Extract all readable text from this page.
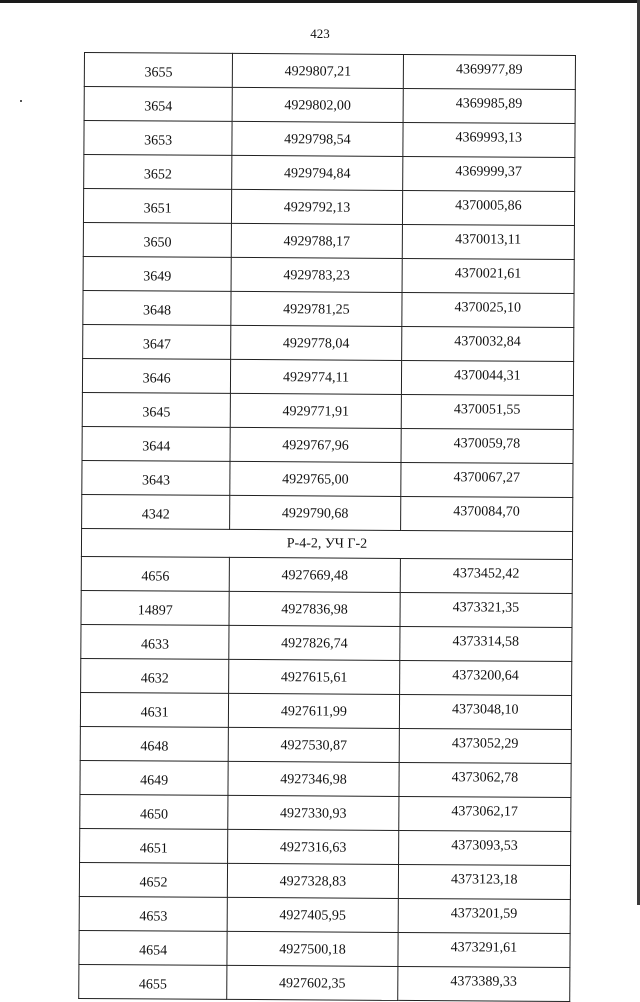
423
3655	4929807,21	4369977,89
3654	4929802,00	4369985,89
3653	4929798,54	4369993,13
3652	4929794,84	4369999,37
3651	4929792,13	4370005,86
3650	4929788,17	4370013,11
3649	4929783,23	4370021,61
3648	4929781,25	4370025,10
3647	4929778,04	4370032,84
3646	4929774,11	4370044,31
3645	4929771,91	4370051,55
3644	4929767,96	4370059,78
3643	4929765,00	4370067,27
4342	4929790,68	4370084,70
Р-4-2, УЧ Г-2		
4656	4927669,48	4373452,42
14897	4927836,98	4373321,35
4633	4927826,74	4373314,58
4632	4927615,61	4373200,64
4631	4927611,99	4373048,10
4648	4927530,87	4373052,29
4649	4927346,98	4373062,78
4650	4927330,93	4373062,17
4651	4927316,63	4373093,53
4652	4927328,83	4373123,18
4653	4927405,95	4373201,59
4654	4927500,18	4373291,61
4655	4927602,35	4373389,33
